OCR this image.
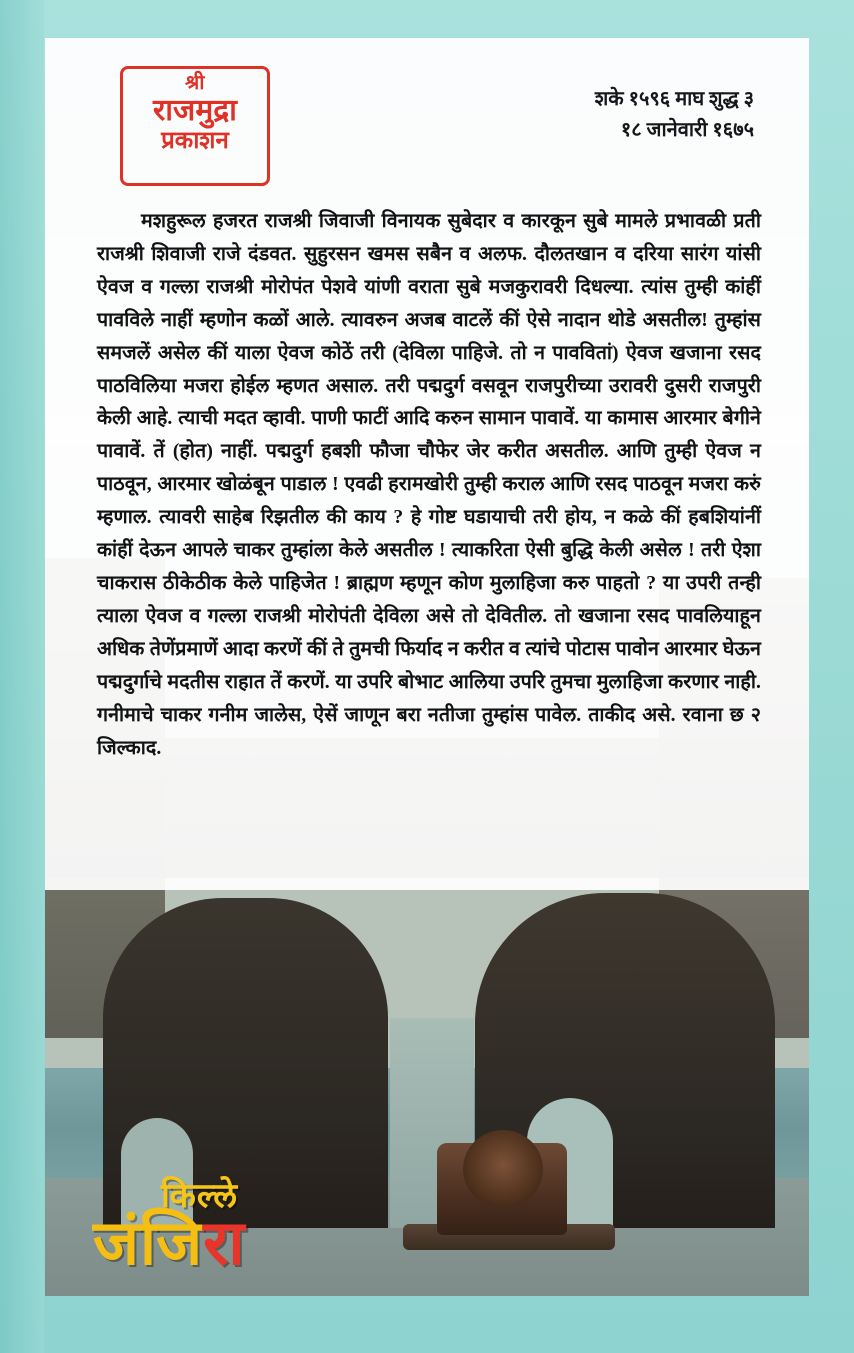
श्री
राजमुद्रा
प्रकाशन
शके १५९६ माघ शुद्ध ३
१८ जानेवारी १६७५

मशहुरूल हजरत राजश्री जिवाजी विनायक सुबेदार व कारकून सुबे मामले प्रभावळी प्रती राजश्री शिवाजी राजे दंडवत. सुहुरसन खमस सबैन व अलफ. दौलतखान व दरिया सारंग यांसी ऐवज व गल्ला राजश्री मोरोपंत पेशवे यांणी वराता सुबे मजकुरावरी दिधल्या. त्यांस तुम्ही कांहीं पावविले नाहीं म्हणोन कळों आले. त्यावरुन अजब वाटलें कीं ऐसे नादान थोडे असतील! तुम्हांस समजलें असेल कीं याला ऐवज कोठें तरी (देविला पाहिजे. तो न पाववितां) ऐवज खजाना रसद पाठविलिया मजरा होईल म्हणत असाल. तरी पद्मदुर्ग वसवून राजपुरीच्या उरावरी दुसरी राजपुरी केली आहे. त्याची मदत व्हावी. पाणी फाटीं आदि करुन सामान पावावें. या कामास आरमार बेगीने पावावें. तें (होत) नाहीं. पद्मदुर्ग हबशी फौजा चौफेर जेर करीत असतील. आणि तुम्ही ऐवज न पाठवून, आरमार खोळंबून पाडाल ! एवढी हरामखोरी तुम्ही कराल आणि रसद पाठवून मजरा करुं म्हणाल. त्यावरी साहेब रिझतील की काय ? हे गोष्ट घडायाची तरी होय, न कळे कीं हबशियांनीं कांहीं देऊन आपले चाकर तुम्हांला केले असतील ! त्याकरिता ऐसी बुद्धि केली असेल ! तरी ऐशा चाकरास ठीकेठीक केले पाहिजेत ! ब्राह्मण म्हणून कोण मुलाहिजा करु पाहतो ? या उपरी तन्ही त्याला ऐवज व गल्ला राजश्री मोरोपंती देविला असे तो देवितील. तो खजाना रसद पावलियाहून अधिक तेणेंप्रमाणें आदा करणें कीं ते तुमची फिर्याद न करीत व त्यांचे पोटास पावोन आरमार घेऊन पद्मदुर्गाचे मदतीस राहात तें करणें. या उपरि बोभाट आलिया उपरि तुमचा मुलाहिजा करणार नाही. गनीमाचे चाकर गनीम जालेस, ऐसें जाणून बरा नतीजा तुम्हांस पावेल. ताकीद असे. रवाना छ २ जिल्काद.

किल्ले
जंजिरा
